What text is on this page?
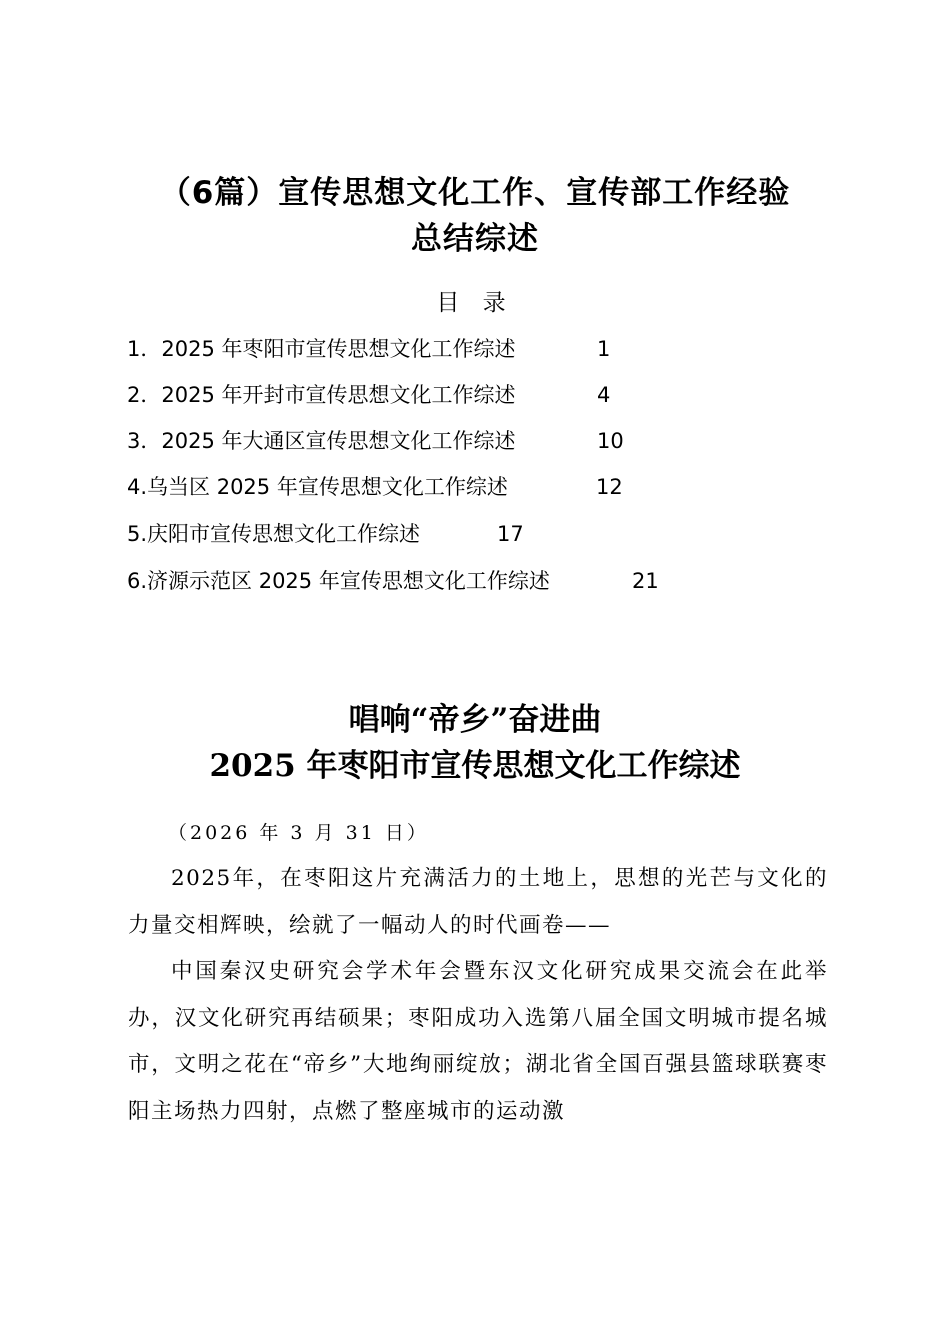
（6篇）宣传思想文化工作、宣传部工作经验
总结综述
目 录
1．2025 年枣阳市宣传思想文化工作综述	1
2．2025 年开封市宣传思想文化工作综述	4
3．2025 年大通区宣传思想文化工作综述	10
4.乌当区 2025 年宣传思想文化工作综述	12
5.庆阳市宣传思想文化工作综述	17
6.济源示范区 2025 年宣传思想文化工作综述	21
唱响“帝乡”奋进曲
2025 年枣阳市宣传思想文化工作综述
（2026 年 3 月 31 日）

2025年，在枣阳这片充满活力的土地上，思想的光芒与文化的力量交相辉映，绘就了一幅动人的时代画卷——

中国秦汉史研究会学术年会暨东汉文化研究成果交流会在此举办，汉文化研究再结硕果；枣阳成功入选第八届全国文明城市提名城市，文明之花在“帝乡”大地绚丽绽放；湖北省全国百强县篮球联赛枣阳主场热力四射，点燃了整座城市的运动激
